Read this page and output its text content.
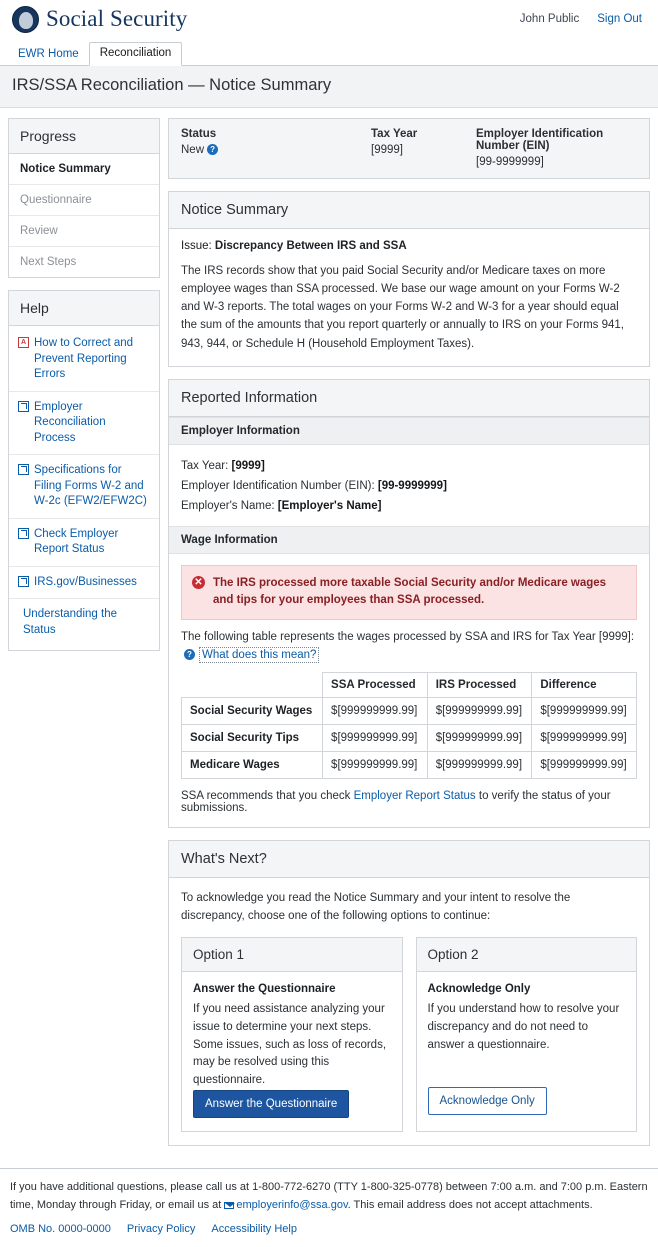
Social Security	John Public Sign Out
EWR Home	Reconciliation
IRS/SSA Reconciliation — Notice Summary
Progress
Notice Summary
Questionnaire
Review
Next Steps
Help
A How to Correct and Prevent Reporting Errors
Employer Reconciliation Process
Specifications for Filing Forms W-2 and W-2c (EFW2/EFW2C)
Check Employer Report Status
IRS.gov/Businesses
Understanding the Status
Status
New ?
Tax Year
[9999]
Employer Identification Number (EIN)
[99-9999999]
Notice Summary
Issue: Discrepancy Between IRS and SSA
The IRS records show that you paid Social Security and/or Medicare taxes on more employee wages than SSA processed. We base our wage amount on your Forms W-2 and W-3 reports. The total wages on your Forms W-2 and W-3 for a year should equal the sum of the amounts that you report quarterly or annually to IRS on your Forms 941, 943, 944, or Schedule H (Household Employment Taxes).
Reported Information
Employer Information
Tax Year: [9999]
Employer Identification Number (EIN): [99-9999999]
Employer's Name: [Employer's Name]
Wage Information
✕ The IRS processed more taxable Social Security and/or Medicare wages and tips for your employees than SSA processed.
The following table represents the wages processed by SSA and IRS for Tax Year [9999]:
? What does this mean?
	SSA Processed	IRS Processed	Difference
Social Security Wages	$[999999999.99]	$[999999999.99]	$[999999999.99]
Social Security Tips	$[999999999.99]	$[999999999.99]	$[999999999.99]
Medicare Wages	$[999999999.99]	$[999999999.99]	$[999999999.99]
SSA recommends that you check Employer Report Status to verify the status of your submissions.
What's Next?
To acknowledge you read the Notice Summary and your intent to resolve the discrepancy, choose one of the following options to continue:
Option 1
Answer the Questionnaire
If you need assistance analyzing your issue to determine your next steps. Some issues, such as loss of records, may be resolved using this questionnaire.
Answer the Questionnaire
Option 2
Acknowledge Only
If you understand how to resolve your discrepancy and do not need to answer a questionnaire.
Acknowledge Only
If you have additional questions, please call us at 1-800-772-6270 (TTY 1-800-325-0778) between 7:00 a.m. and 7:00 p.m. Eastern time, Monday through Friday, or email us at employerinfo@ssa.gov. This email address does not accept attachments.
OMB No. 0000-0000 Privacy Policy Accessibility Help
